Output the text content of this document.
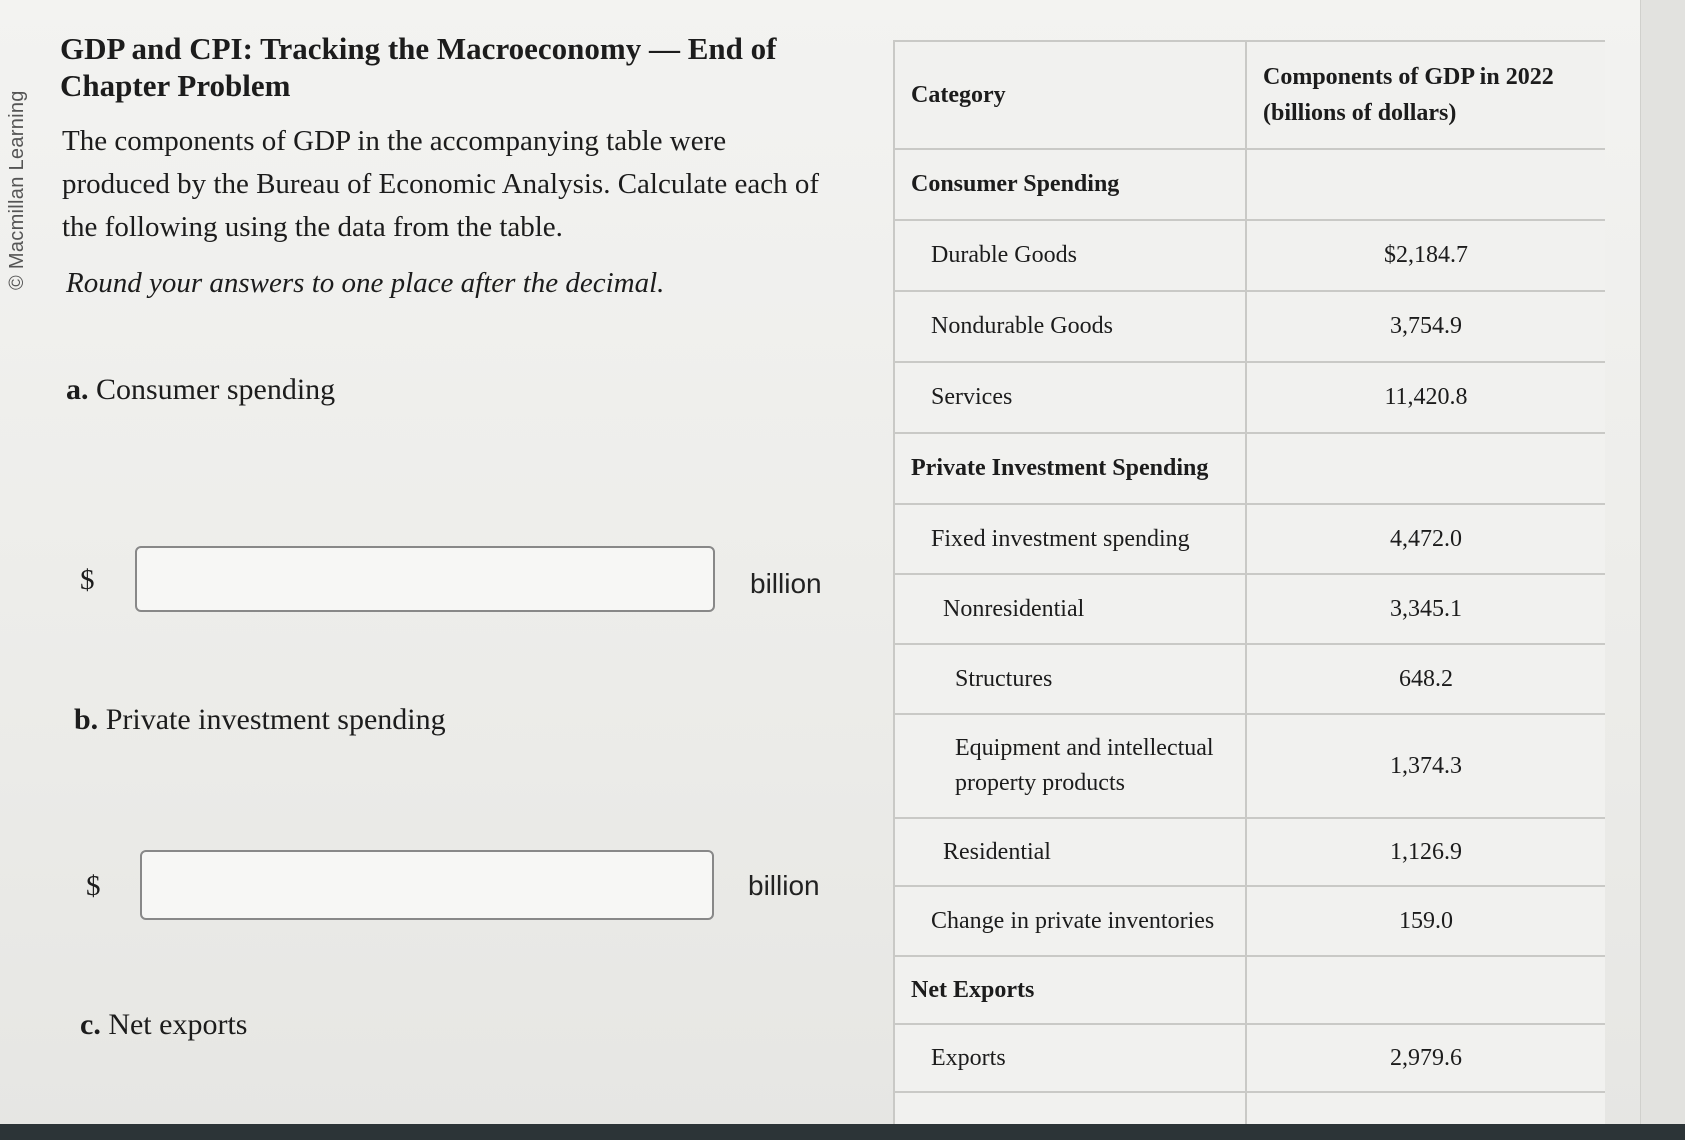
© Macmillan Learning
GDP and CPI: Tracking the Macroeconomy — End of Chapter Problem

The components of GDP in the accompanying table were produced by the Bureau of Economic Analysis. Calculate each of the following using the data from the table.

Round your answers to one place after the decimal.

a. Consumer spending

$	billion

b. Private investment spending

$	billion

c. Net exports

Category	Components of GDP in 2022 (billions of dollars)
Consumer Spending	
Durable Goods	$2,184.7
Nondurable Goods	3,754.9
Services	11,420.8
Private Investment Spending	
Fixed investment spending	4,472.0
Nonresidential	3,345.1
Structures	648.2
Equipment and intellectual property products	1,374.3
Residential	1,126.9
Change in private inventories	159.0
Net Exports	
Exports	2,979.6
